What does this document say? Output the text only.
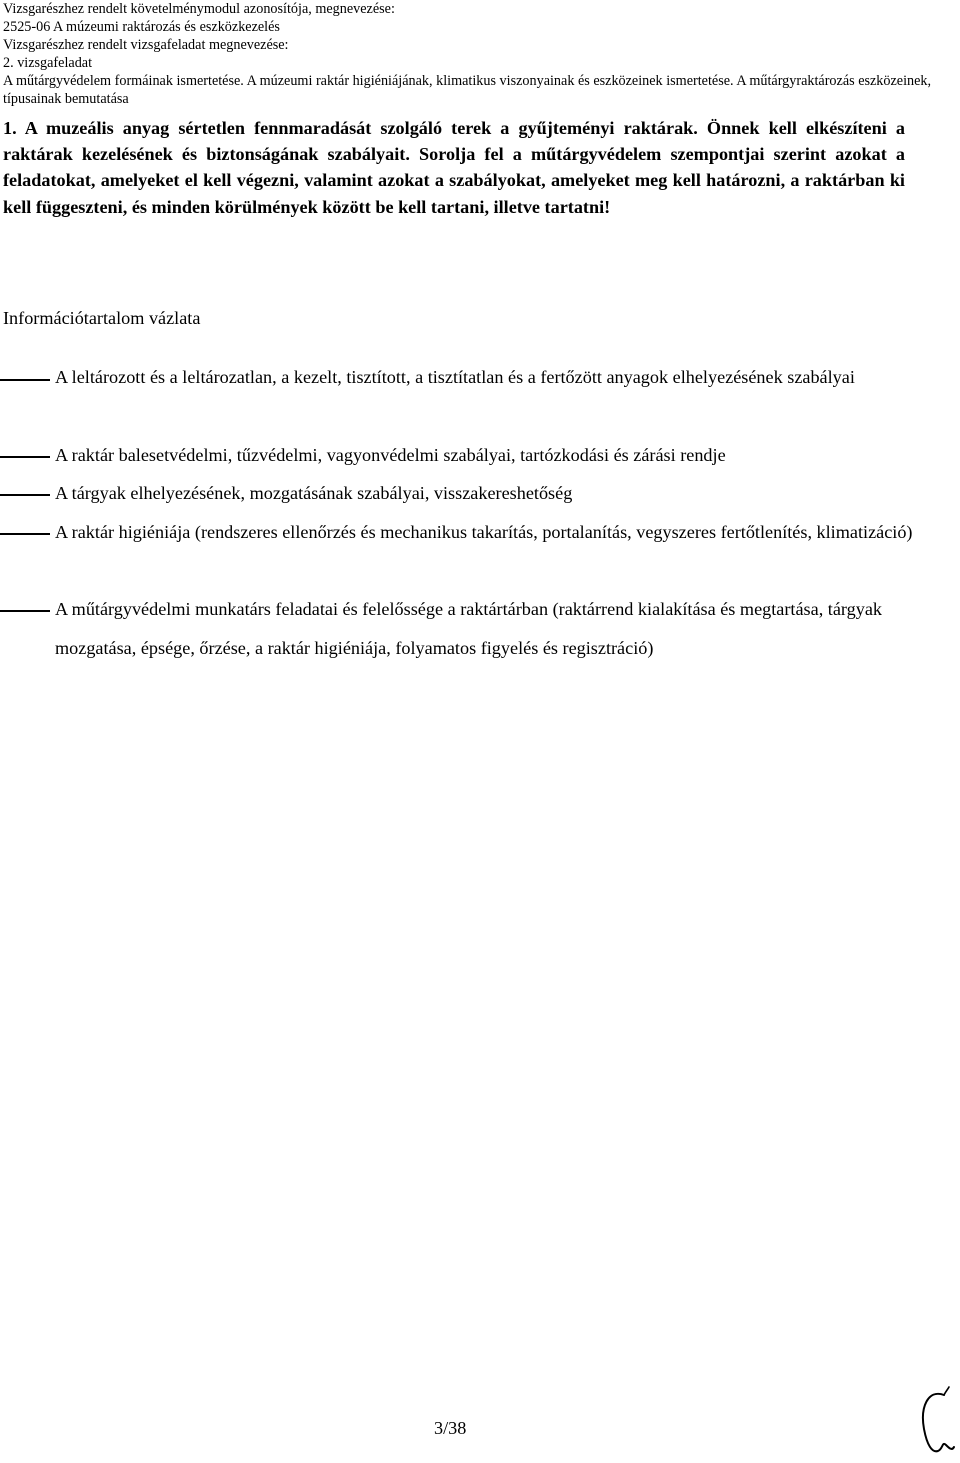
Vizsgarészhez rendelt követelménymodul azonosítója, megnevezése:
2525-06 A múzeumi raktározás és eszközkezelés
Vizsgarészhez rendelt vizsgafeladat megnevezése:
2. vizsgafeladat
A műtárgyvédelem formáinak ismertetése. A múzeumi raktár higiéniájának, klimatikus viszonyainak és eszközeinek ismertetése. A műtárgyraktározás eszközeinek, típusainak bemutatása
1. A muzeális anyag sértetlen fennmaradását szolgáló terek a gyűjteményi raktárak. Önnek kell elkészíteni a raktárak kezelésének és biztonságának szabályait. Sorolja fel a műtárgyvédelem szempontjai szerint azokat a feladatokat, amelyeket el kell végezni, valamint azokat a szabályokat, amelyeket meg kell határozni, a raktárban ki kell függeszteni, és minden körülmények között be kell tartani, illetve tartatni!
Információtartalom vázlata
A leltározott és a leltározatlan, a kezelt, tisztított, a tisztítatlan és a fertőzött anyagok elhelyezésének szabályai
A raktár balesetvédelmi, tűzvédelmi, vagyonvédelmi szabályai, tartózkodási és zárási rendje
A tárgyak elhelyezésének, mozgatásának szabályai, visszakereshetőség
A raktár higiéniája (rendszeres ellenőrzés és mechanikus takarítás, portalanítás, vegyszeres fertőtlenítés, klimatizáció)
A műtárgyvédelmi munkatárs feladatai és felelőssége a raktártárban (raktárrend kialakítása és megtartása, tárgyak mozgatása, épsége, őrzése, a raktár higiéniája, folyamatos figyelés és regisztráció)
3/38
